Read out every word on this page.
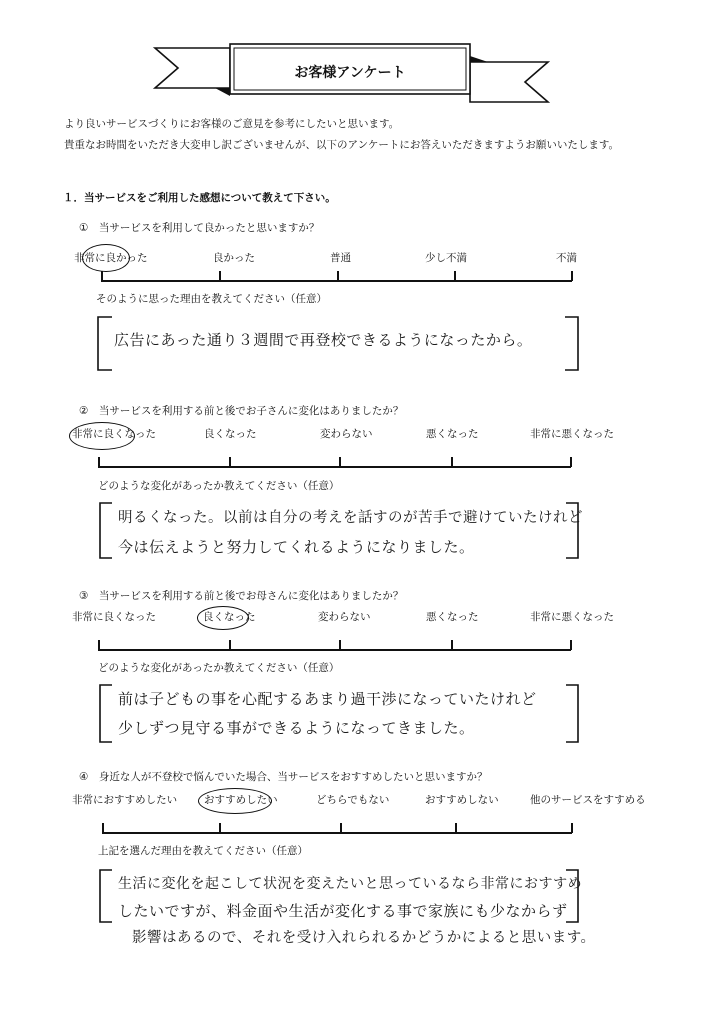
お客様アンケート
より良いサービスづくりにお客様のご意見を参考にしたいと思います。
貴重なお時間をいただき大変申し訳ございませんが、以下のアンケートにお答えいただきますようお願いいたします。
１．当サービスをご利用した感想について教えて下さい。
①　当サービスを利用して良かったと思いますか？
非常に良かった	良かった	普通	少し不満	不満
そのように思った理由を教えてください（任意）
広告にあった通り３週間で再登校できるようになったから。
②　当サービスを利用する前と後でお子さんに変化はありましたか？
非常に良くなった	良くなった	変わらない	悪くなった	非常に悪くなった
どのような変化があったか教えてください（任意）
明るくなった。以前は自分の考えを話すのが苦手で避けていたけれど
今は伝えようと努力してくれるようになりました。
③　当サービスを利用する前と後でお母さんに変化はありましたか？
非常に良くなった	良くなった	変わらない	悪くなった	非常に悪くなった
どのような変化があったか教えてください（任意）
前は子どもの事を心配するあまり過干渉になっていたけれど
少しずつ見守る事ができるようになってきました。
④　身近な人が不登校で悩んでいた場合、当サービスをおすすめしたいと思いますか？
非常におすすめしたい	おすすめしたい	どちらでもない	おすすめしない	他のサービスをすすめる
上記を選んだ理由を教えてください（任意）
生活に変化を起こして状況を変えたいと思っているなら非常におすすめ
したいですが、料金面や生活が変化する事で家族にも少なからず
影響はあるので、それを受け入れられるかどうかによると思います。
